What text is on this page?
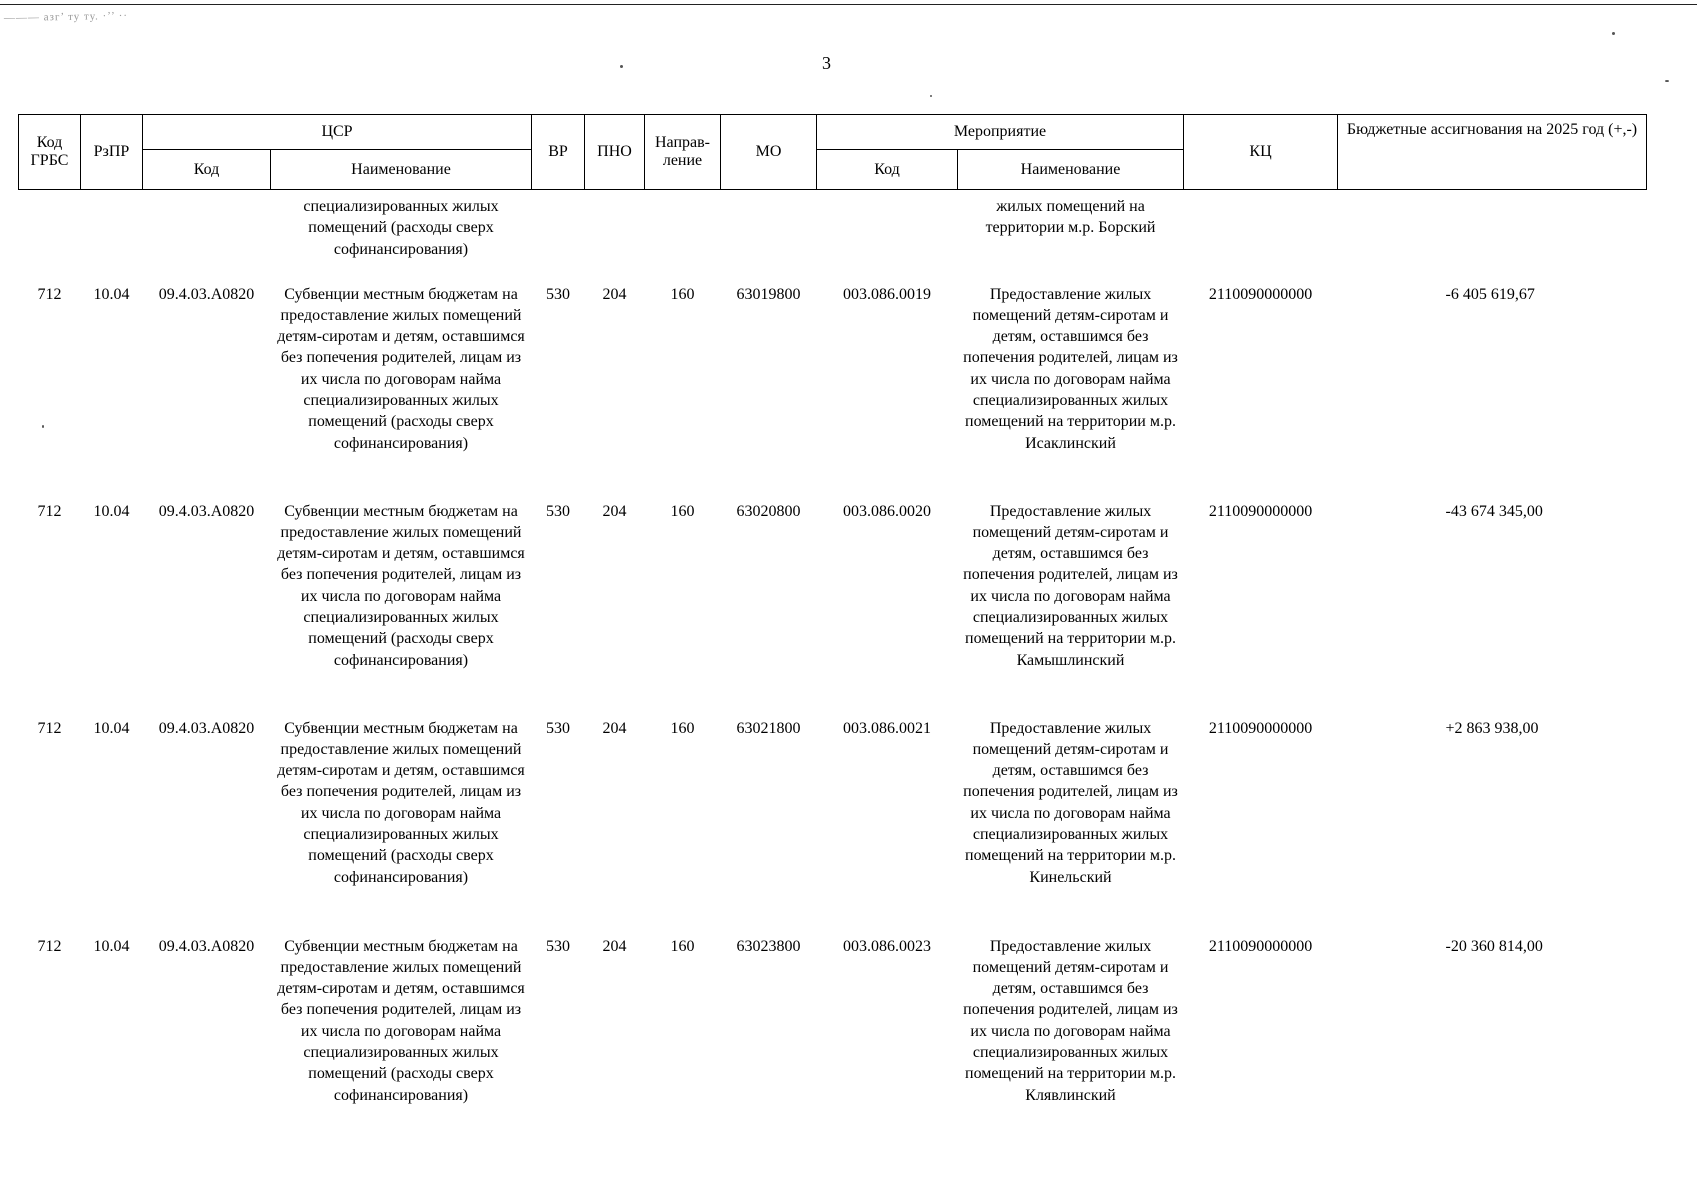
——— азг’ ту ту. ·’’ ··
3
Код ГРБС	РзПР	ЦСР		ВР	ПНО	Направ-ление	МО	Мероприятие		КЦ	Бюджетные ассигнования на 2025 год (+,-)
		Код	Наименование					Код	Наименование		
			специализированных жилых помещений (расходы сверх софинансирования)						жилых помещений на территории м.р. Борский		
712	10.04	09.4.03.A0820	Субвенции местным бюджетам на предоставление жилых помещений детям-сиротам и детям, оставшимся без попечения родителей, лицам из их числа по договорам найма специализированных жилых помещений (расходы сверх софинансирования)	530	204	160	63019800	003.086.0019	Предоставление жилых помещений детям-сиротам и детям, оставшимся без попечения родителей, лицам из их числа по договорам найма специализированных жилых помещений на территории м.р. Исаклинский	2110090000000	-6 405 619,67
712	10.04	09.4.03.A0820	Субвенции местным бюджетам на предоставление жилых помещений детям-сиротам и детям, оставшимся без попечения родителей, лицам из их числа по договорам найма специализированных жилых помещений (расходы сверх софинансирования)	530	204	160	63020800	003.086.0020	Предоставление жилых помещений детям-сиротам и детям, оставшимся без попечения родителей, лицам из их числа по договорам найма специализированных жилых помещений на территории м.р. Камышлинский	2110090000000	-43 674 345,00
712	10.04	09.4.03.A0820	Субвенции местным бюджетам на предоставление жилых помещений детям-сиротам и детям, оставшимся без попечения родителей, лицам из их числа по договорам найма специализированных жилых помещений (расходы сверх софинансирования)	530	204	160	63021800	003.086.0021	Предоставление жилых помещений детям-сиротам и детям, оставшимся без попечения родителей, лицам из их числа по договорам найма специализированных жилых помещений на территории м.р. Кинельский	2110090000000	+2 863 938,00
712	10.04	09.4.03.A0820	Субвенции местным бюджетам на предоставление жилых помещений детям-сиротам и детям, оставшимся без попечения родителей, лицам из их числа по договорам найма специализированных жилых помещений (расходы сверх софинансирования)	530	204	160	63023800	003.086.0023	Предоставление жилых помещений детям-сиротам и детям, оставшимся без попечения родителей, лицам из их числа по договорам найма специализированных жилых помещений на территории м.р. Клявлинский	2110090000000	-20 360 814,00
